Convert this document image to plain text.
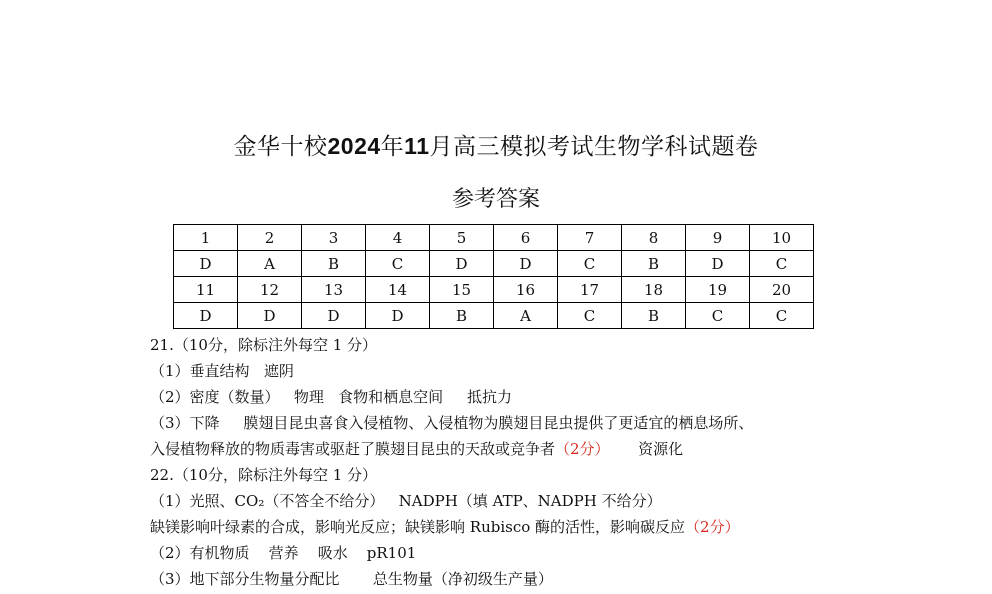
金华十校2024年11月高三模拟考试生物学科试题卷
参考答案
1	2	3	4	5	6	7	8	9	10
D	A	B	C	D	D	C	B	D	C
11	12	13	14	15	16	17	18	19	20
D	D	D	D	B	A	C	B	C	C
21.（10分，除标注外每空 1 分）
（1）垂直结构   遮阴
（2）密度（数量）   物理   食物和栖息空间     抵抗力
（3）下降     膜翅目昆虫喜食入侵植物、入侵植物为膜翅目昆虫提供了更适宜的栖息场所、
入侵植物释放的物质毒害或驱赶了膜翅目昆虫的天敌或竞争者（2分）      资源化
22.（10分，除标注外每空 1 分）
（1）光照、CO₂（不答全不给分）   NADPH（填 ATP、NADPH 不给分）
缺镁影响叶绿素的合成，影响光反应；缺镁影响 Rubisco 酶的活性，影响碳反应（2分）
（2）有机物质    营养    吸水    pR101
（3）地下部分生物量分配比       总生物量（净初级生产量）
